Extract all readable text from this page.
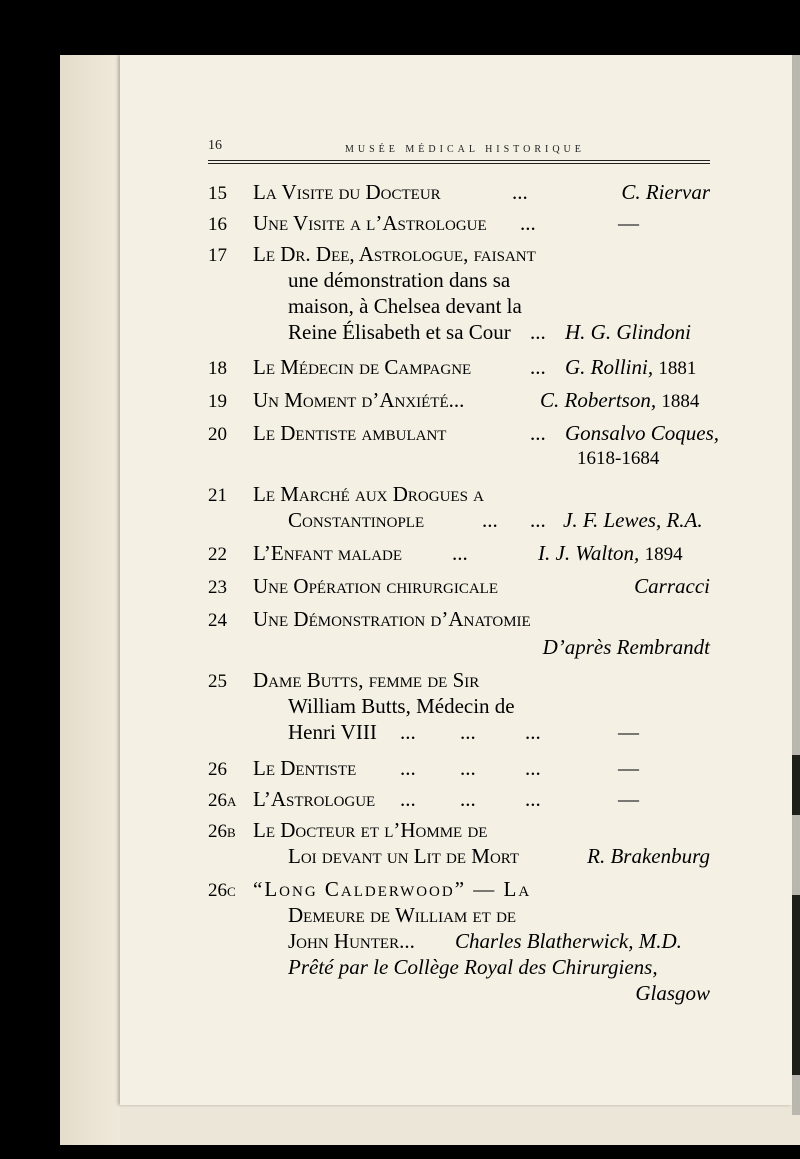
16	MUSÉE MÉDICAL HISTORIQUE
15 La Visite du Docteur	...	C. Riervar
16 Une Visite a l’Astrologue ...	—
17 Le Dr. Dee, Astrologue, faisant
une démonstration dans sa
maison, à Chelsea devant la
Reine Élisabeth et sa Cour ... H. G. Glindoni
18 Le Médecin de Campagne	... G. Rollini, 1881
19 Un Moment d’Anxiété...	C. Robertson, 1884
20 Le Dentiste ambulant	... Gonsalvo Coques,
1618-1684
21 Le Marché aux Drogues a
Constantinople	... ... J. F. Lewes, R.A.
22 L’Enfant malade ...	I. J. Walton, 1894
23 Une Opération chirurgicale	Carracci
24 Une Démonstration d’Anatomie
D’après Rembrandt
25 Dame Butts, femme de Sir
William Butts, Médecin de
Henri VIII ... ... ...	—
26 Le Dentiste ... ... ...	—
26a L’Astrologue ... ... ...	—
26b Le Docteur et l’Homme de
Loi devant un Lit de Mort	R. Brakenburg
26c “Long Calderwood” — La
Demeure de William et de
John Hunter... Charles Blatherwick, M.D.
Prêté par le Collège Royal des Chirurgiens,
Glasgow
